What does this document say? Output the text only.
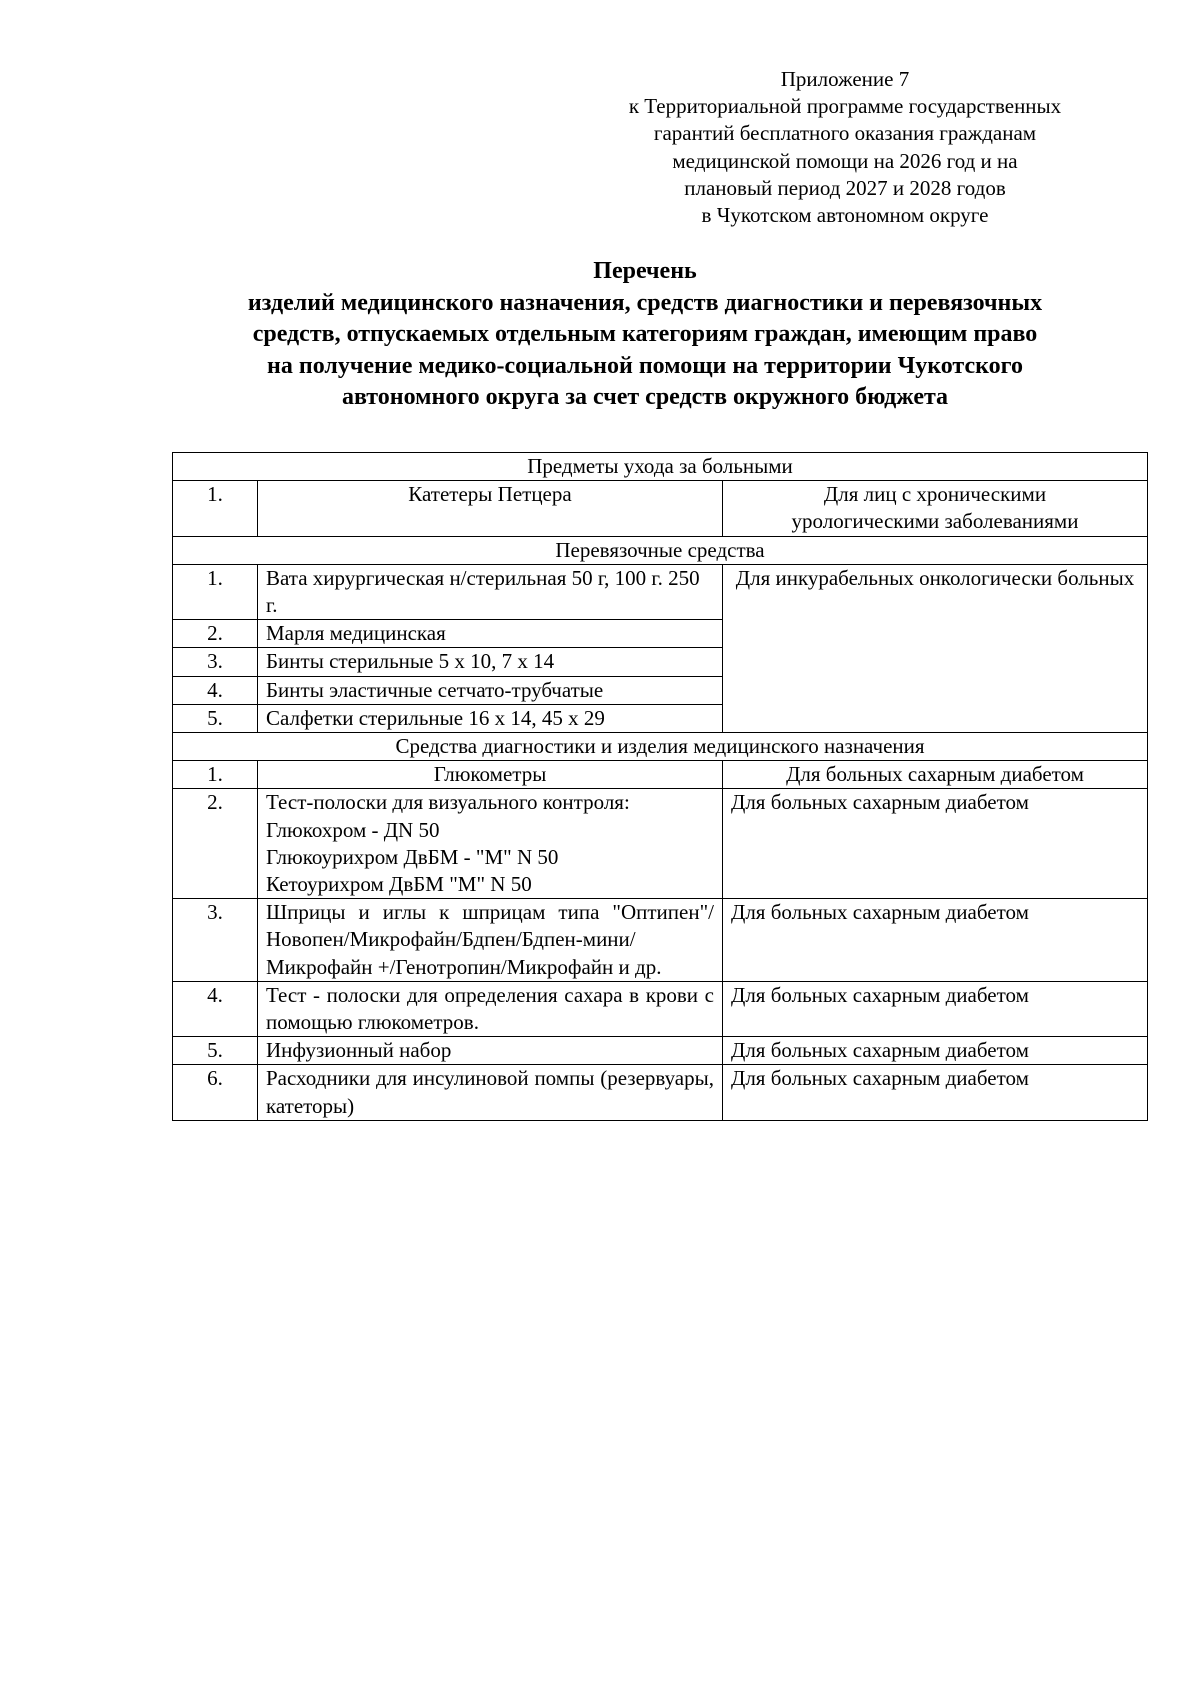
Приложение 7
к Территориальной программе государственных
гарантий бесплатного оказания гражданам
медицинской помощи на 2026 год и на
плановый период 2027 и 2028 годов
в Чукотском автономном округе
Перечень
изделий медицинского назначения, средств диагностики и перевязочных
средств, отпускаемых отдельным категориям граждан, имеющим право
на получение медико-социальной помощи на территории Чукотского
автономного округа за счет средств окружного бюджета
Предметы ухода за больными		
1.	Катетеры Петцера	Для лиц с хроническими
урологическими заболеваниями

Перевязочные средства		
1.	Вата хирургическая н/стерильная 50 г, 100 г. 250 г.	Для инкурабельных онкологически больных
2.	Марля медицинская	
3.	Бинты стерильные 5 x 10, 7 x 14	
4.	Бинты эластичные сетчато-трубчатые	
5.	Салфетки стерильные 16 x 14, 45 x 29	
Средства диагностики и изделия медицинского назначения		
1.	Глюкометры	Для больных сахарным диабетом
2.	Тест-полоски для визуального контроля:
Глюкохром - ДN 50
Глюкоурихром ДвБМ - "М" N 50
Кетоурихром ДвБМ "М" N 50	Для больных сахарным диабетом
3.	Шприцы и иглы к шприцам типа "Оптипен"/Новопен/Микрофайн/Бдпен/Бдпен-мини/Микрофайн +/Генотропин/Микрофайн и др.	Для больных сахарным диабетом
4.	Тест - полоски для определения сахара в крови с помощью глюкометров.	Для больных сахарным диабетом
5.	Инфузионный набор	Для больных сахарным диабетом
6.	Расходники для инсулиновой помпы (резервуары, катеторы)	Для больных сахарным диабетом
